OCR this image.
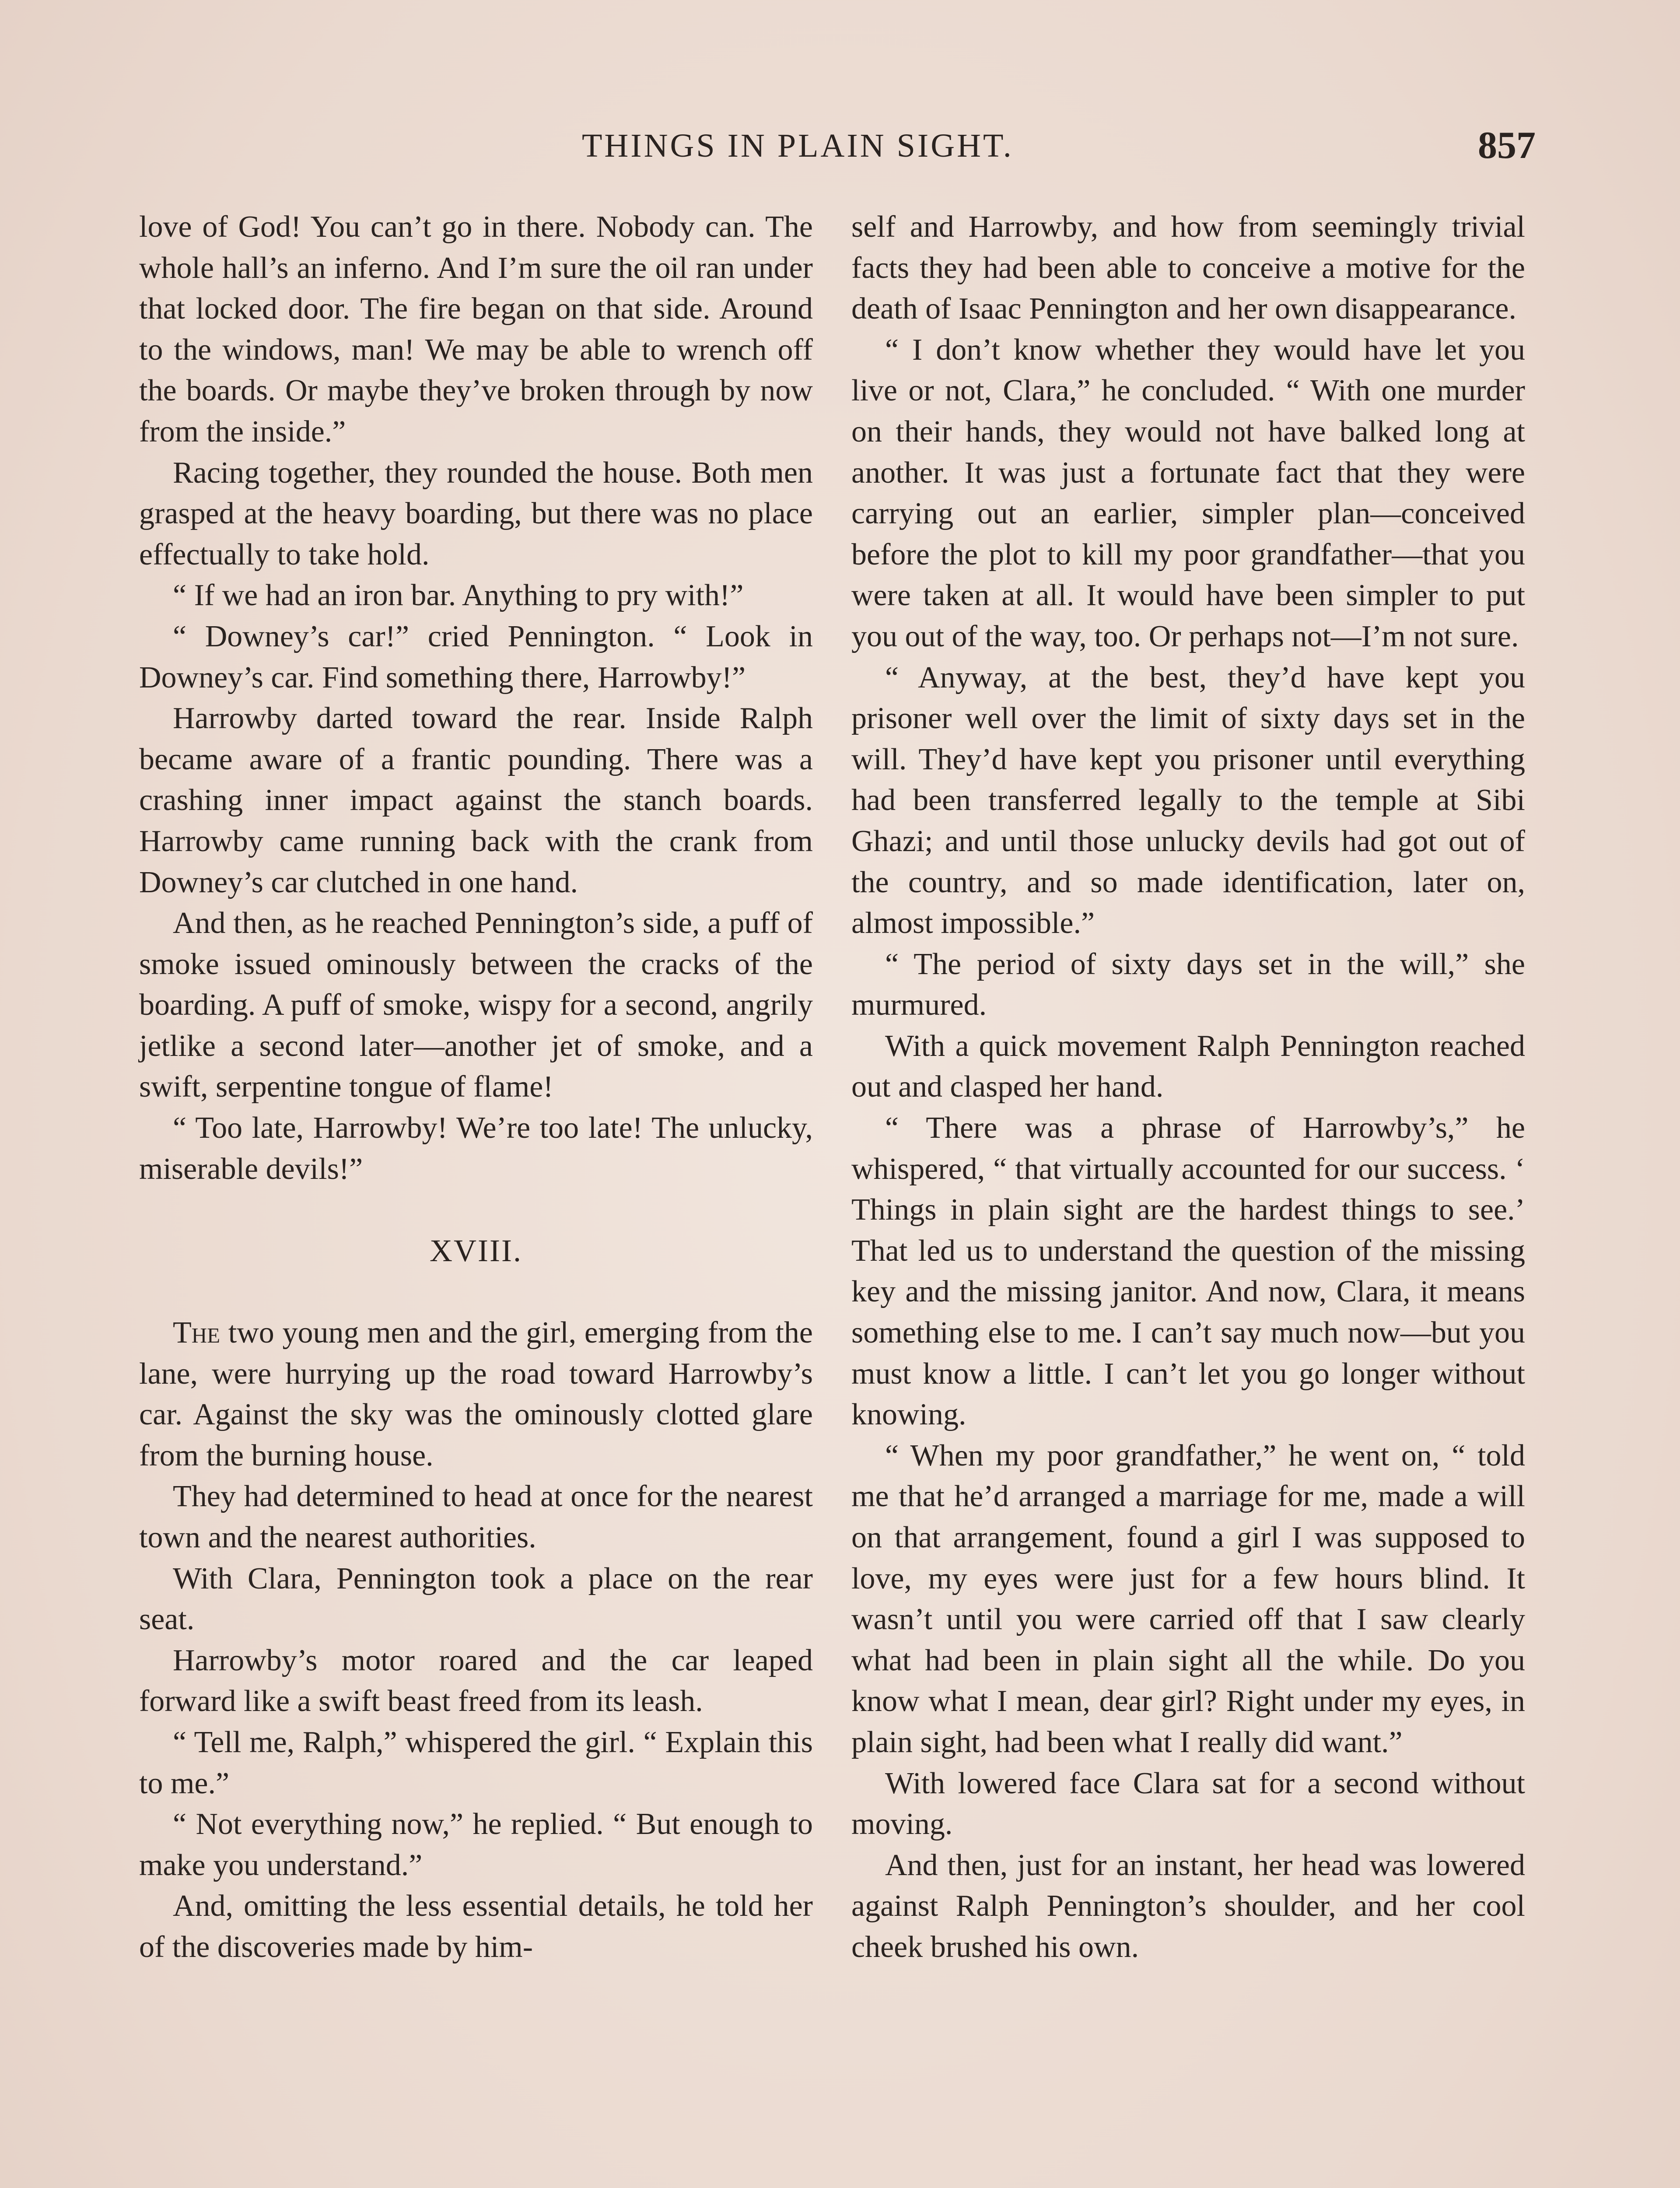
THINGS IN PLAIN SIGHT.	857

love of God! You can’t go in there. Nobody can. The whole hall’s an inferno. And I’m sure the oil ran under that locked door. The fire began on that side. Around to the windows, man! We may be able to wrench off the boards. Or maybe they’ve broken through by now from the inside.”

Racing together, they rounded the house. Both men grasped at the heavy boarding, but there was no place effectually to take hold.

“ If we had an iron bar. Anything to pry with!”

“ Downey’s car!” cried Pennington. “ Look in Downey’s car. Find something there, Harrowby!”

Harrowby darted toward the rear. Inside Ralph became aware of a frantic pounding. There was a crashing inner impact against the stanch boards. Harrowby came running back with the crank from Downey’s car clutched in one hand.

And then, as he reached Pennington’s side, a puff of smoke issued ominously between the cracks of the boarding. A puff of smoke, wispy for a second, angrily jetlike a second later—another jet of smoke, and a swift, serpentine tongue of flame!

“ Too late, Harrowby! We’re too late! The unlucky, miserable devils!”

XVIII.

The two young men and the girl, emerging from the lane, were hurrying up the road toward Harrowby’s car. Against the sky was the ominously clotted glare from the burning house.

They had determined to head at once for the nearest town and the nearest authorities.

With Clara, Pennington took a place on the rear seat.

Harrowby’s motor roared and the car leaped forward like a swift beast freed from its leash.

“ Tell me, Ralph,” whispered the girl. “ Explain this to me.”

“ Not everything now,” he replied. “ But enough to make you understand.”

And, omitting the less essential details, he told her of the discoveries made by him-

self and Harrowby, and how from seemingly trivial facts they had been able to conceive a motive for the death of Isaac Pennington and her own disappearance.

“ I don’t know whether they would have let you live or not, Clara,” he concluded. “ With one murder on their hands, they would not have balked long at another. It was just a fortunate fact that they were carrying out an earlier, simpler plan—conceived before the plot to kill my poor grandfather—that you were taken at all. It would have been simpler to put you out of the way, too. Or perhaps not—I’m not sure.

“ Anyway, at the best, they’d have kept you prisoner well over the limit of sixty days set in the will. They’d have kept you prisoner until everything had been transferred legally to the temple at Sibi Ghazi; and until those unlucky devils had got out of the country, and so made identification, later on, almost impossible.”

“ The period of sixty days set in the will,” she murmured.

With a quick movement Ralph Pennington reached out and clasped her hand.

“ There was a phrase of Harrowby’s,” he whispered, “ that virtually accounted for our success. ‘ Things in plain sight are the hardest things to see.’ That led us to understand the question of the missing key and the missing janitor. And now, Clara, it means something else to me. I can’t say much now—but you must know a little. I can’t let you go longer without knowing.

“ When my poor grandfather,” he went on, “ told me that he’d arranged a marriage for me, made a will on that arrangement, found a girl I was supposed to love, my eyes were just for a few hours blind. It wasn’t until you were carried off that I saw clearly what had been in plain sight all the while. Do you know what I mean, dear girl? Right under my eyes, in plain sight, had been what I really did want.”

With lowered face Clara sat for a second without moving.

And then, just for an instant, her head was lowered against Ralph Pennington’s shoulder, and her cool cheek brushed his own.
